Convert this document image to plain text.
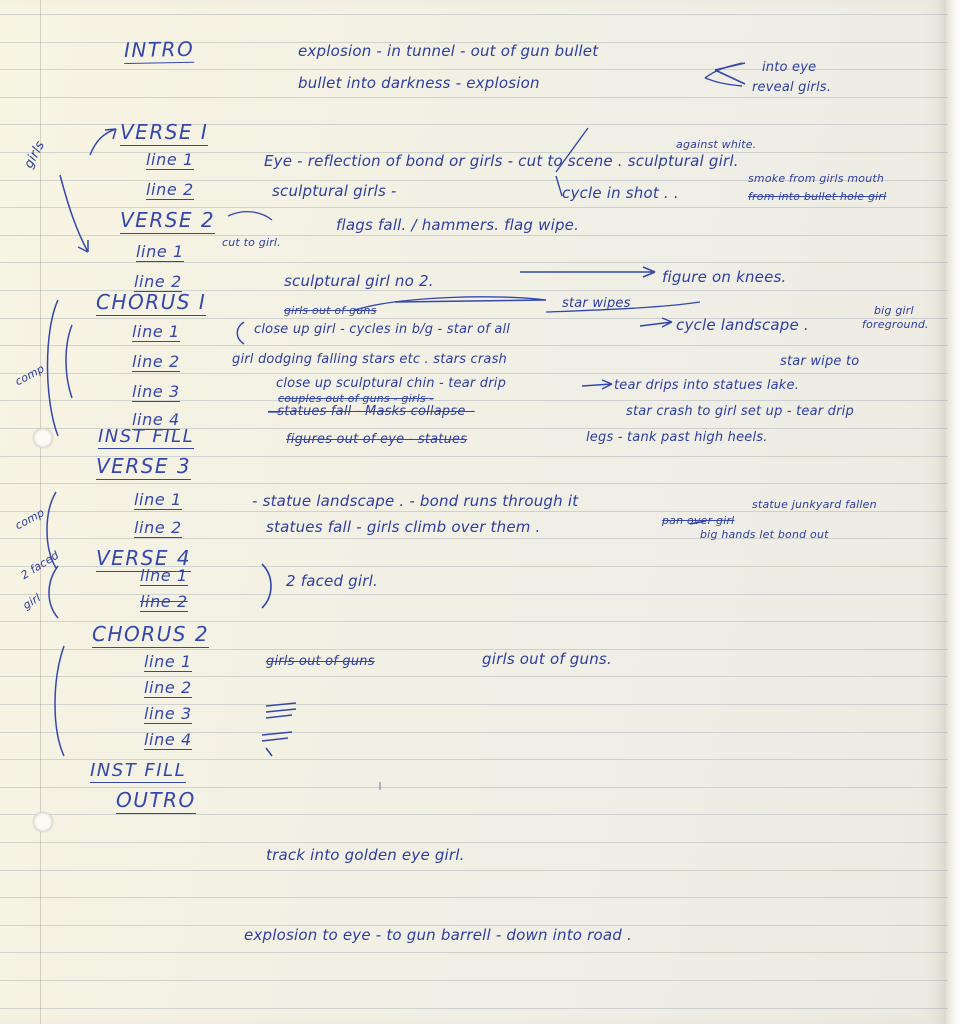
INTRO	explosion - in tunnel - out of gun bullet
bullet into darkness - explosion
into eye
reveal girls.
VERSE I
girls	line 1	Eye - reflection of bond or girls - cut to scene . sculptural girl.
against white.
line 2	sculptural girls -	cycle in shot . .
smoke from girls mouth
from into bullet hole girl
VERSE 2
cut to girl.
line 1
flags fall. / hammers. flag wipe.
line 2	sculptural girl no 2.	figure on knees.
CHORUS I
comp
line 1
girls out of guns	star wipes
close up girl - cycles in b/g - star of all	cycle landscape .
big girl
foreground.
line 2	girl dodging falling stars etc . stars crash	star wipe to
line 3	couples out of guns - girls -
close up sculptural chin - tear drip	tear drips into statues lake.
line 4	- statues fall - Masks collapse -	star crash to girl set up - tear drip
INST FILL	figures out of eye - statues	legs - tank past high heels.
VERSE 3
comp
line 1	- statue landscape . - bond runs through it	statue junkyard fallen
line 2	statues fall - girls climb over them .	pan over girl
big hands let bond out
VERSE 4
2 faced
girl
line 1
line 2
2 faced girl.
CHORUS 2
line 1	girls out of guns	girls out of guns.
line 2
line 3
line 4
INST FILL
OUTRO
track into golden eye girl.
explosion to eye - to gun barrell - down into road .
